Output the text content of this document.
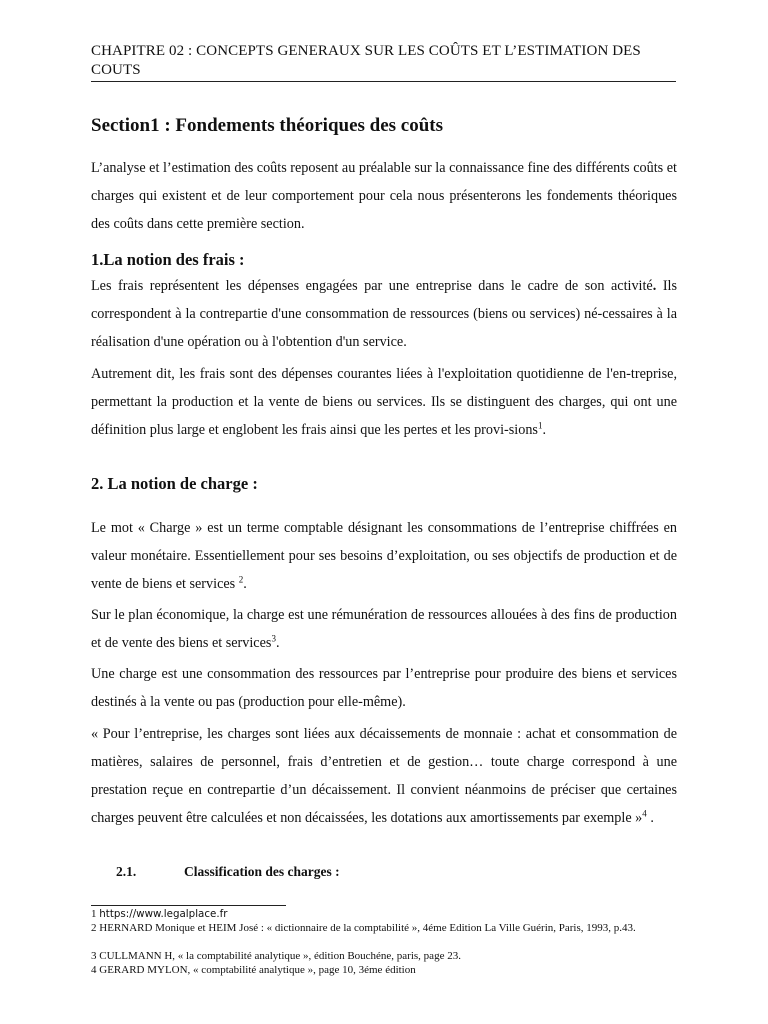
CHAPITRE 02 : CONCEPTS GENERAUX SUR LES COÛTS ET L’ESTIMATION DES COUTS
Section1 : Fondements théoriques des coûts
L’analyse et l’estimation des coûts reposent au préalable sur la connaissance fine des différents coûts et charges qui existent et de leur comportement pour cela nous présenterons les fondements théoriques des coûts dans cette première section.
1.La notion des frais :
Les frais représentent les dépenses engagées par une entreprise dans le cadre de son activité. Ils correspondent à la contrepartie d'une consommation de ressources (biens ou services) né-cessaires à la réalisation d'une opération ou à l'obtention d'un service.
Autrement dit, les frais sont des dépenses courantes liées à l'exploitation quotidienne de l'en-treprise, permettant la production et la vente de biens ou services. Ils se distinguent des charges, qui ont une définition plus large et englobent les frais ainsi que les pertes et les provi-sions$^1$.
2. La notion de charge :
Le mot « Charge » est un terme comptable désignant les consommations de l’entreprise chiffrées en valeur monétaire. Essentiellement pour ses besoins d’exploitation, ou ses objectifs de production et de vente de biens et services $^2$.
Sur le plan économique, la charge est une rémunération de ressources allouées à des fins de production et de vente des biens et services$^3$.
Une charge est une consommation des ressources par l’entreprise pour produire des biens et services destinés à la vente ou pas (production pour elle-même).
« Pour l’entreprise, les charges sont liées aux décaissements de monnaie : achat et consommation de matières, salaires de personnel, frais d’entretien et de gestion… toute charge correspond à une prestation reçue en contrepartie d’un décaissement. Il convient néanmoins de préciser que certaines charges peuvent être calculées et non décaissées, les dotations aux amortissements par exemple »$^4$ .
2.1.	Classification des charges :
1 https://www.legalplace.fr
2 HERNARD Monique et HEIM José : « dictionnaire de la comptabilité », 4éme Edition La Ville Guérin, Paris, 1993, p.43.
3 CULLMANN H, « la comptabilité analytique », édition Bouchéne, paris, page 23.
4 GERARD MYLON, « comptabilité analytique », page 10, 3éme édition
